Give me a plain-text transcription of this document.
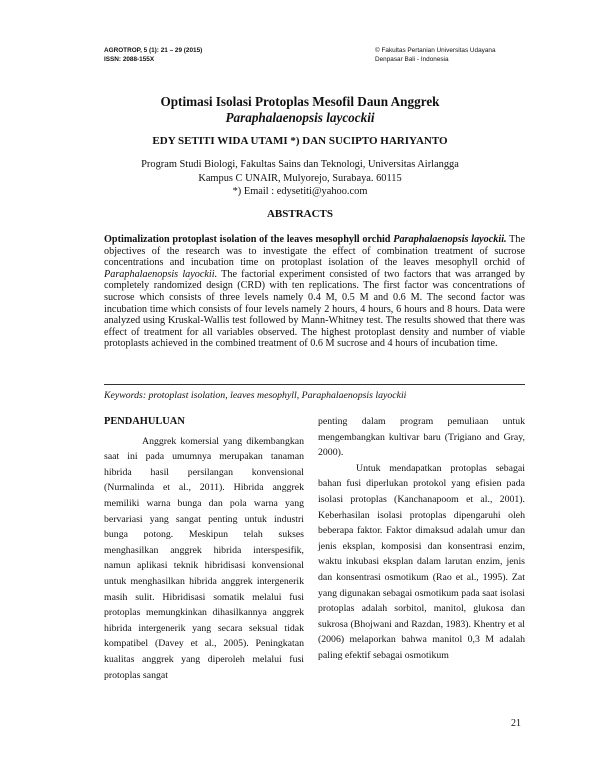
AGROTROP, 5 (1): 21 – 29 (2015)
ISSN: 2088-155X
© Fakultas Pertanian Universitas Udayana
Denpasar Bali - Indonesia
Optimasi Isolasi Protoplas Mesofil Daun Anggrek
Paraphalaenopsis laycockii
EDY SETITI WIDA UTAMI *) DAN SUCIPTO HARIYANTO
Program Studi Biologi, Fakultas Sains dan Teknologi, Universitas Airlangga
Kampus C UNAIR, Mulyorejo, Surabaya. 60115
*) Email : edysetiti@yahoo.com
ABSTRACTS
Optimalization protoplast isolation of the leaves mesophyll orchid Paraphalaenopsis layockii. The objectives of the research was to investigate the effect of combination treatment of sucrose concentrations and incubation time on protoplast isolation of the leaves mesophyll orchid of Paraphalaenopsis layockii. The factorial experiment consisted of two factors that was arranged by completely randomized design (CRD) with ten replications. The first factor was concentrations of sucrose which consists of three levels namely 0.4 M, 0.5 M and 0.6 M. The second factor was incubation time which consists of four levels namely 2 hours, 4 hours, 6 hours and 8 hours. Data were analyzed using Kruskal-Wallis test followed by Mann-Whitney test. The results showed that there was effect of treatment for all variables observed. The highest protoplast density and number of viable protoplasts achieved in the combined treatment of 0.6 M sucrose and 4 hours of incubation time.
Keywords: protoplast isolation, leaves mesophyll, Paraphalaenopsis layockii
PENDAHULUAN

Anggrek komersial yang dikembangkan saat ini pada umumnya merupakan tanaman hibrida hasil persilangan konvensional (Nurmalinda et al., 2011). Hibrida anggrek memiliki warna bunga dan pola warna yang bervariasi yang sangat penting untuk industri bunga potong. Meskipun telah sukses menghasilkan anggrek hibrida interspesifik, namun aplikasi teknik hibridisasi konvensional untuk menghasilkan hibrida anggrek intergenerik masih sulit. Hibridisasi somatik melalui fusi protoplas memungkinkan dihasilkannya anggrek hibrida intergenerik yang secara seksual tidak kompatibel (Davey et al., 2005). Peningkatan kualitas anggrek yang diperoleh melalui fusi protoplas sangat

penting dalam program pemuliaan untuk mengembangkan kultivar baru (Trigiano and Gray, 2000).

Untuk mendapatkan protoplas sebagai bahan fusi diperlukan protokol yang efisien pada isolasi protoplas (Kanchanapoom et al., 2001). Keberhasilan isolasi protoplas dipengaruhi oleh beberapa faktor. Faktor dimaksud adalah umur dan jenis eksplan, komposisi dan konsentrasi enzim, waktu inkubasi eksplan dalam larutan enzim, jenis dan konsentrasi osmotikum (Rao et al., 1995). Zat yang digunakan sebagai osmotikum pada saat isolasi protoplas adalah sorbitol, manitol, glukosa dan sukrosa (Bhojwani and Razdan, 1983). Khentry et al (2006) melaporkan bahwa manitol 0,3 M adalah paling efektif sebagai osmotikum

21
